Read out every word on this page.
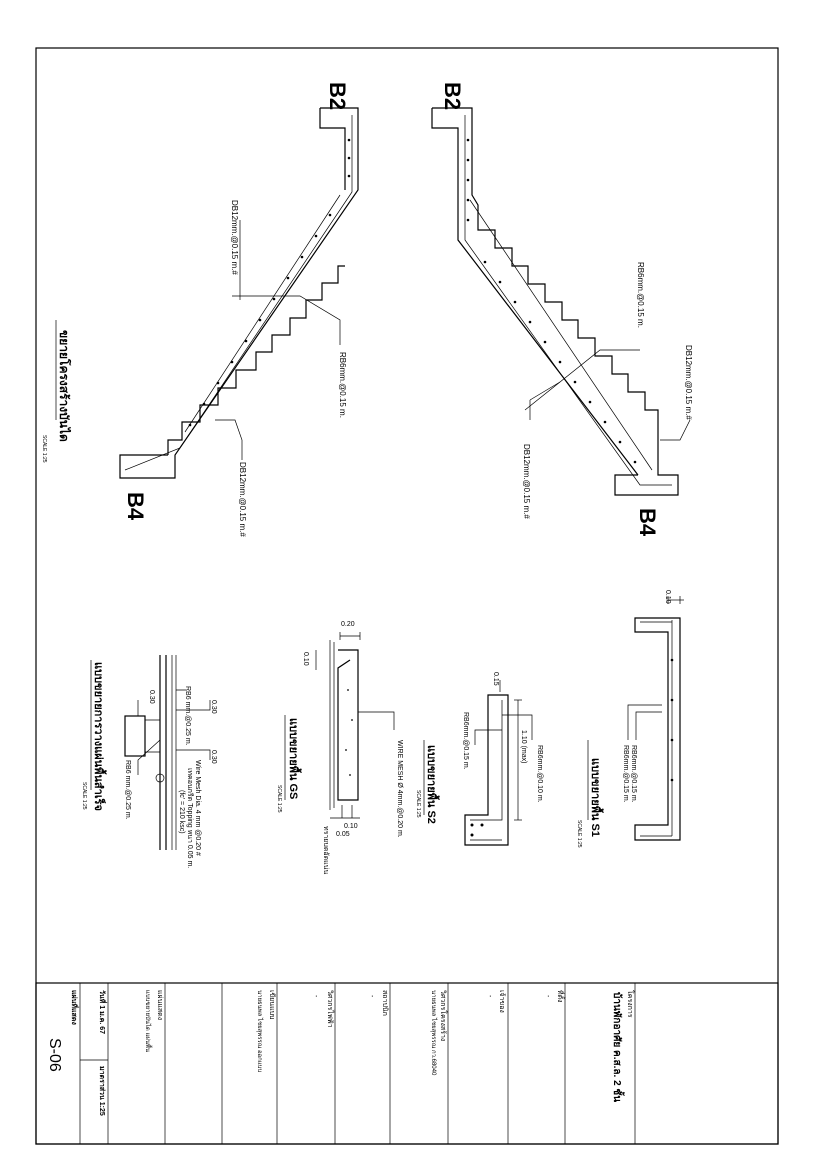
B2
B4
DB12mm.@0.15 m.#
RB6mm.@0.15 m.
DB12mm.@0.15 m.#
ขยายโครงสร้างบันได
SCALE 1:25
B2
B4
RB6mm.@0.15 m.
DB12mm.@0.15 m.#
DB12mm.@0.15 m.#
0.10
RB6mm.@0.15 m. RB6mm.@0.15 m.
แบบขยายพื้น S1
SCALE 1:25
0.15
1.10 (max)
RB6mm.@0.15 m.
RB6mm.@0.10 m.
แบบขยายพื้น S2
SCALE 1:25
0.20
0.10
WIRE MESH Ø 4mm.@0.20 m.
0.10
0.05
ทรายบดอัดแน่น
แบบขยายพื้น GS
SCALE 1:25
RB6 mm.@0.25 m.
RB6 mm.@0.25 m.
0.30
0.30
0.30
Wire Mesh Dia. 4 mm @0.20 #
เทคอนกรีต Topping หนา 0.05 m.
(fc' = 210 ksc)
แบบขยายการวางแผ่นพื้นสำเร็จ
SCALE 1:25
โครงการ
บ้านพักอาศัย ค.ส.ล. 2 ชั้น
ที่ตั้ง
-
เจ้าของ
-
วิศวกรโครงสร้าง
นายธนพล ไชยสุพรรณ กว.68040
สถาปนิก
-
วิศวกรไฟฟ้า
-
เขียนแบบ
นายธนพล ไชยสุพรรณ ออกแบบ
แผ่นแสดง
แบบขยายบันได แผ่นพื้น
วันที่ 1 ม.ค. 67
มาตราส่วน 1:25
แผ่นที่แสดง
S-06
